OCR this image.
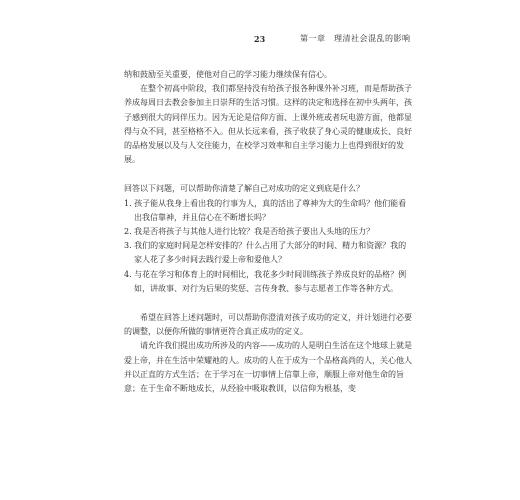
23	第一章　理清社会混乱的影响

纳和鼓励至关重要，使他对自己的学习能力继续保有信心。

在整个初高中阶段，我们都坚持没有给孩子报各种课外补习班，而是帮助孩子养成每周日去教会参加主日崇拜的生活习惯。这样的决定和选择在初中头两年，孩子感到很大的同伴压力。因为无论是信仰方面、上课外班或者玩电游方面，他都显得与众不同，甚至格格不入。但从长远来看，孩子收获了身心灵的健康成长、良好的品格发展以及与人交往能力，在校学习效率和自主学习能力上也得到很好的发展。

回答以下问题，可以帮助你清楚了解自己对成功的定义到底是什么？

1. 孩子能从我身上看出我的行事为人，真的活出了尊神为大的生命吗？他们能看出我信靠神，并且信心在不断增长吗？
2. 我是否将孩子与其他人进行比较？我是否给孩子要出人头地的压力？
3. 我们的家庭时间是怎样安排的？什么占用了大部分的时间、精力和资源？我的家人花了多少时间去践行爱上帝和爱他人？
4. 与花在学习和体育上的时间相比，我花多少时间训练孩子养成良好的品格？例如，讲故事、对行为后果的奖惩、言传身教、参与志愿者工作等各种方式。

希望在回答上述问题时，可以帮助你澄清对孩子成功的定义，并计划进行必要的调整，以便你所做的事情更符合真正成功的定义。

请允许我们提出成功所涉及的内容——成功的人是明白生活在这个地球上就是爱上帝，并在生活中荣耀祂的人。成功的人在于成为一个品格高尚的人，关心他人并以正直的方式生活；在于学习在一切事情上信靠上帝，顺服上帝对他生命的旨意；在于生命不断地成长，从经验中吸取教训，以信仰为根基，变
